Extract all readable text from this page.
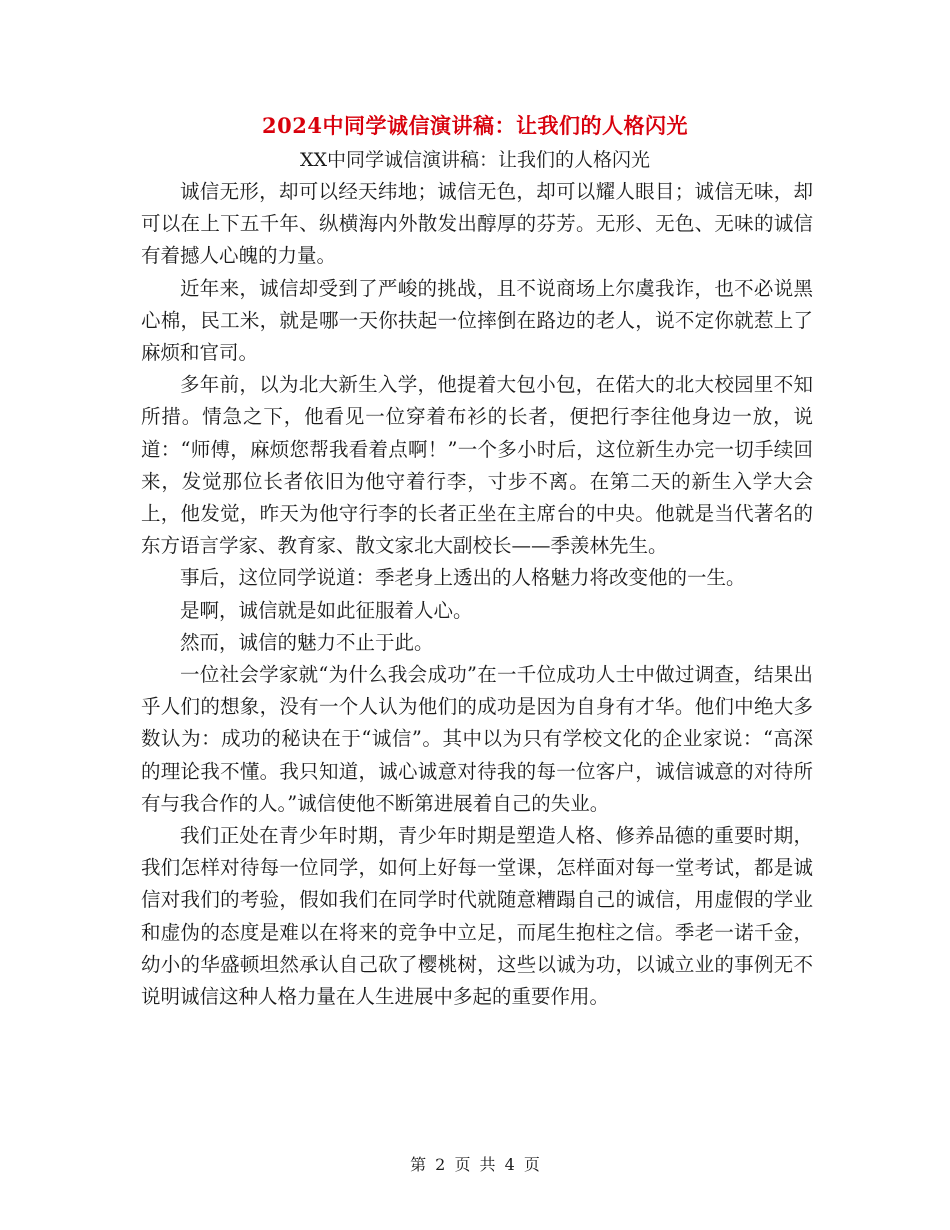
2024中同学诚信演讲稿：让我们的人格闪光
XX中同学诚信演讲稿：让我们的人格闪光

诚信无形，却可以经天纬地；诚信无色，却可以耀人眼目；诚信无味，却可以在上下五千年、纵横海内外散发出醇厚的芬芳。无形、无色、无味的诚信有着撼人心魄的力量。

近年来，诚信却受到了严峻的挑战，且不说商场上尔虞我诈，也不必说黑心棉，民工米，就是哪一天你扶起一位摔倒在路边的老人，说不定你就惹上了麻烦和官司。

多年前，以为北大新生入学，他提着大包小包，在偌大的北大校园里不知所措。情急之下，他看见一位穿着布衫的长者，便把行李往他身边一放，说道：“师傅，麻烦您帮我看着点啊！”一个多小时后，这位新生办完一切手续回来，发觉那位长者依旧为他守着行李，寸步不离。在第二天的新生入学大会上，他发觉，昨天为他守行李的长者正坐在主席台的中央。他就是当代著名的东方语言学家、教育家、散文家北大副校长——季羡林先生。

事后，这位同学说道：季老身上透出的人格魅力将改变他的一生。

是啊，诚信就是如此征服着人心。

然而，诚信的魅力不止于此。

一位社会学家就“为什么我会成功”在一千位成功人士中做过调查，结果出乎人们的想象，没有一个人认为他们的成功是因为自身有才华。他们中绝大多数认为：成功的秘诀在于“诚信”。其中以为只有学校文化的企业家说：“高深的理论我不懂。我只知道，诚心诚意对待我的每一位客户，诚信诚意的对待所有与我合作的人。”诚信使他不断第进展着自己的失业。

我们正处在青少年时期，青少年时期是塑造人格、修养品德的重要时期，我们怎样对待每一位同学，如何上好每一堂课，怎样面对每一堂考试，都是诚信对我们的考验，假如我们在同学时代就随意糟蹋自己的诚信，用虚假的学业和虚伪的态度是难以在将来的竞争中立足，而尾生抱柱之信。季老一诺千金，幼小的华盛顿坦然承认自己砍了樱桃树，这些以诚为功，以诚立业的事例无不说明诚信这种人格力量在人生进展中多起的重要作用。

第 2 页 共 4 页
